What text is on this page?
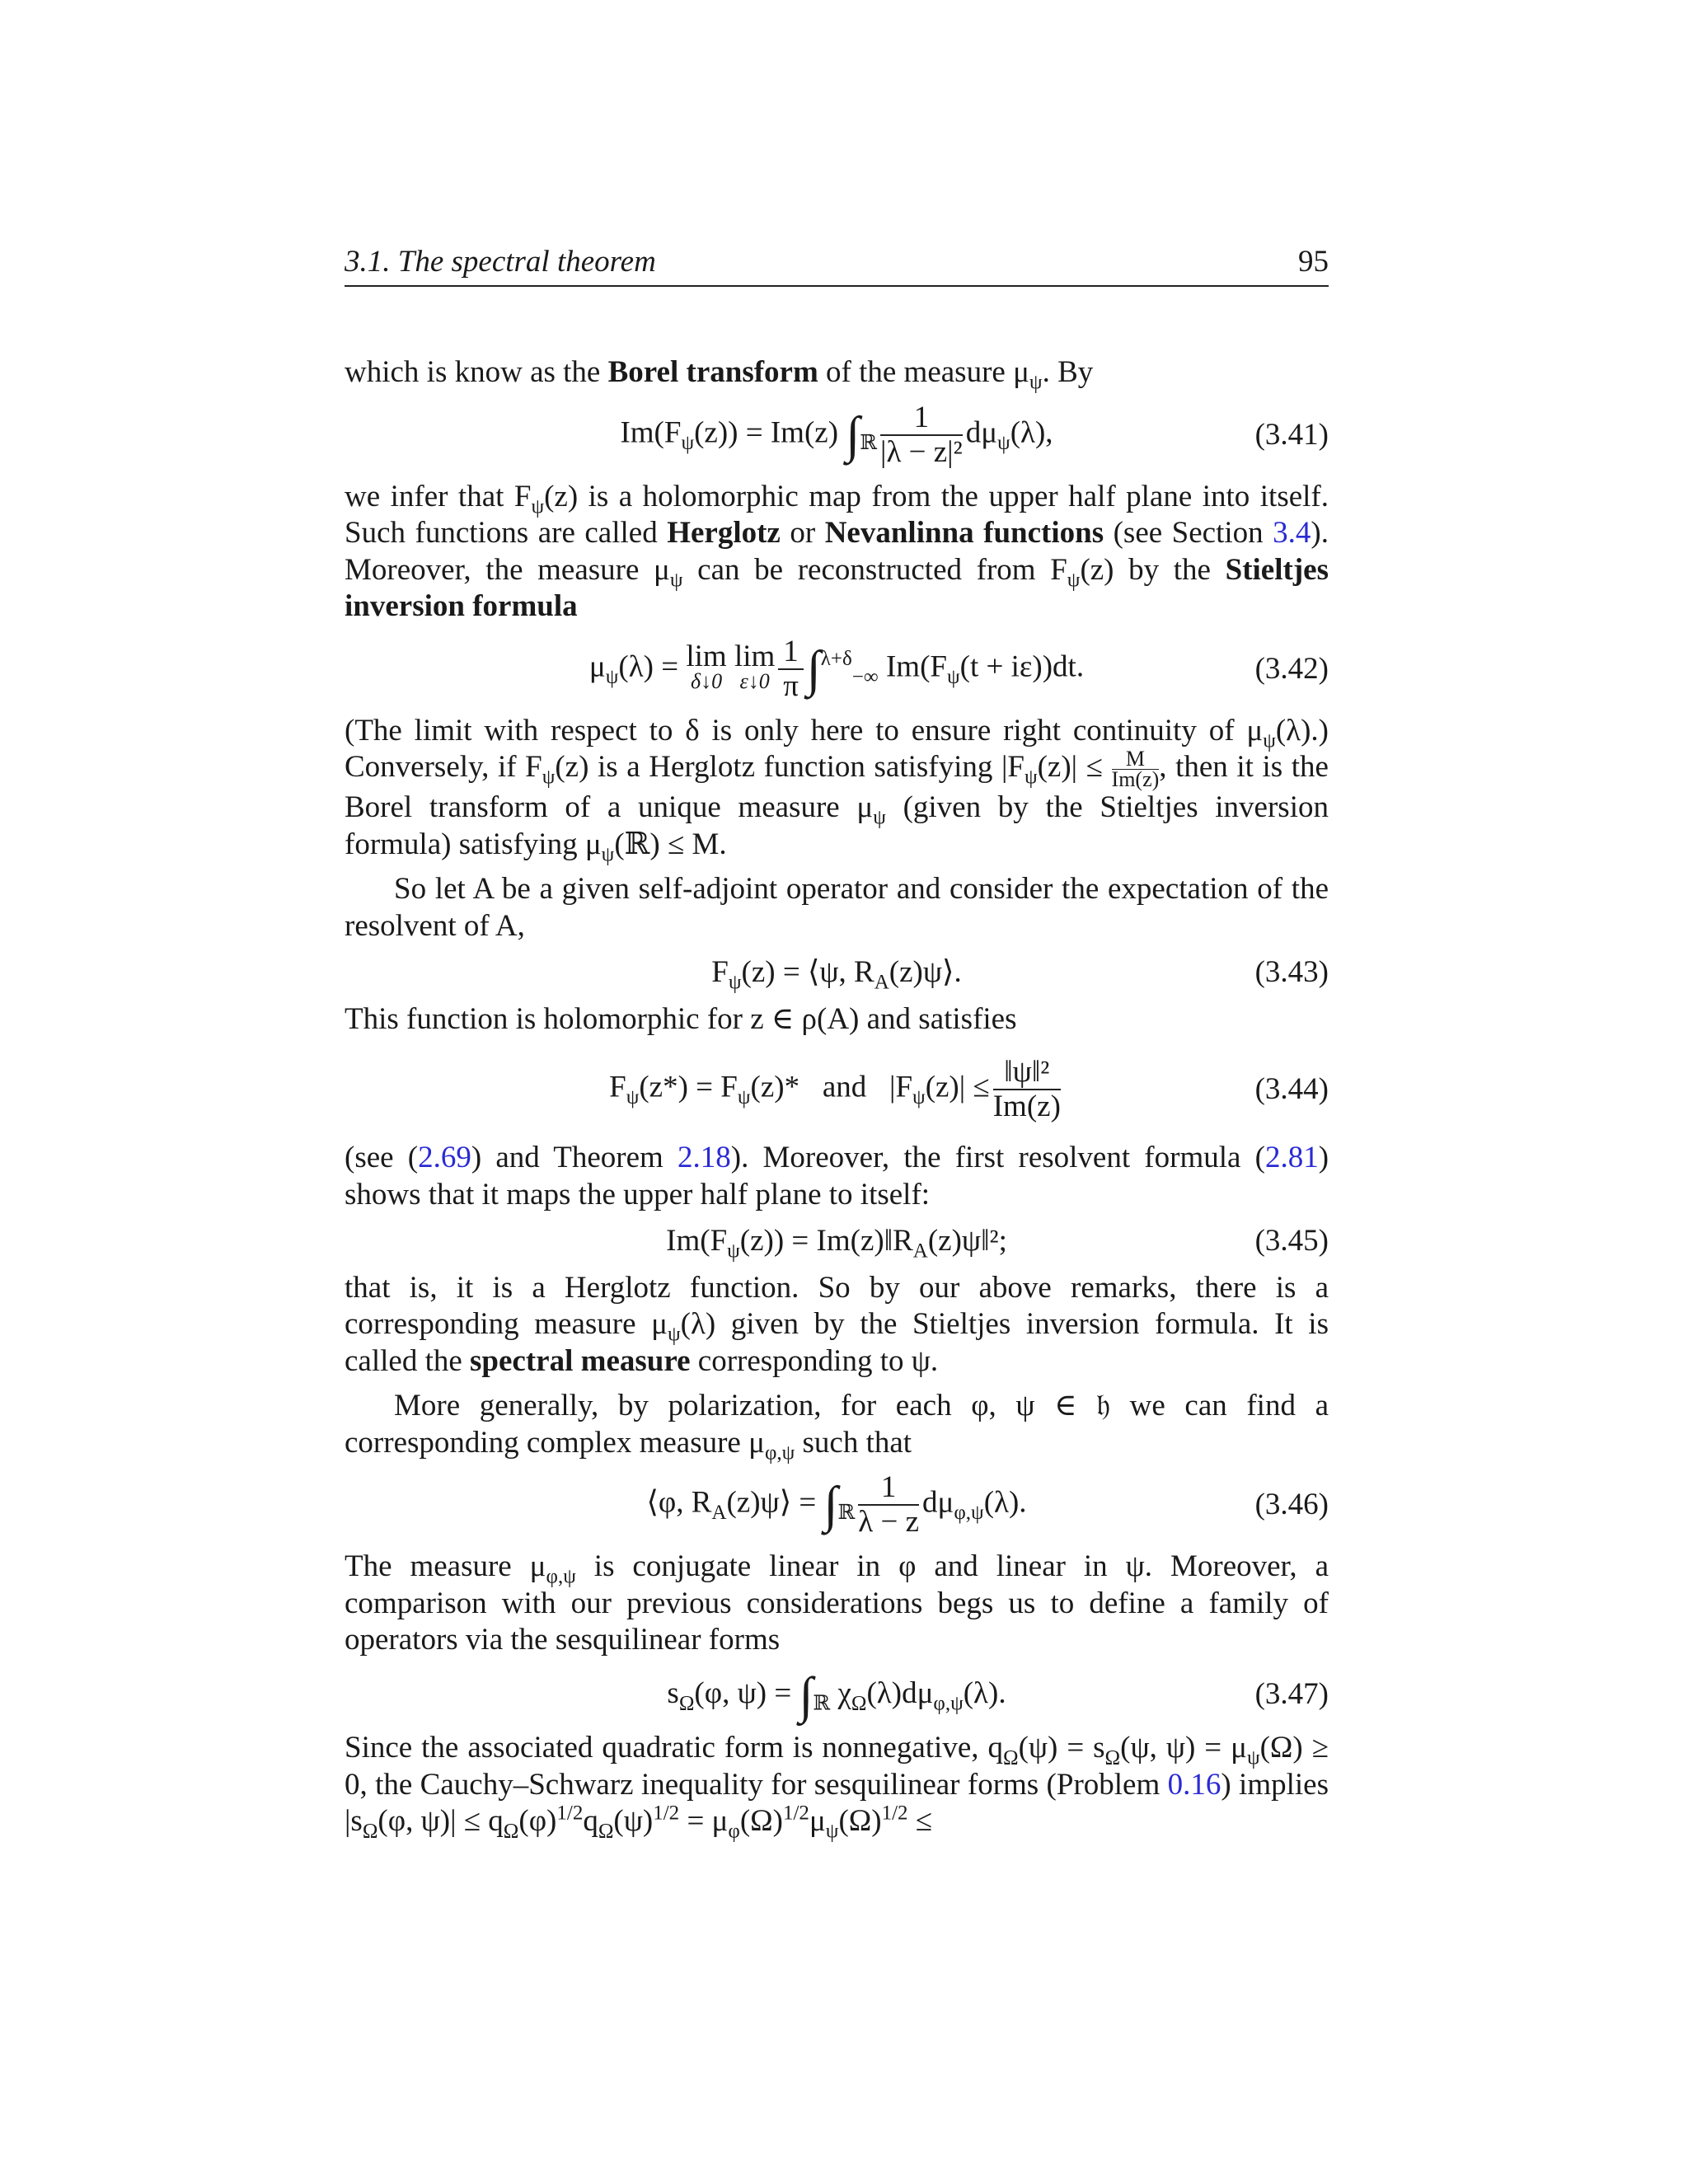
3.1. The spectral theorem	95

which is know as the Borel transform of the measure $\mu_\psi$. By

$Im(F_\psi(z)) = Im(z)$ $\int_ℝ \frac{1}{\text{|λ − z|²}} d\mu_\psi(\lambda)$,	(3.41)

we infer that $F_\psi(z)$ is a holomorphic map from the upper half plane into itself. Such functions are called Herglotz or Nevanlinna functions (see Section 3.4). Moreover, the measure $\mu_\psi$ can be reconstructed from $F_\psi(z)$ by the Stieltjes inversion formula

$\mu_\psi(\lambda) = \lim$
δ↓0
lim
ε↓0 $\frac{1}{\pi} \int^{\lambda+\delta}_{-\infty}$ $Im(F_\psi(t + i\varepsilon))dt$.	(3.42)

(The limit with respect to δ is only here to ensure right continuity of $\mu_\psi(\lambda)$.) Conversely, if $F_\psi(z)$ is a Herglotz function satisfying $|F_\psi(z)| \le \frac{M}{Im(z)}$ , then it is the Borel transform of a unique measure $\mu_\psi$ (given by the Stieltjes inversion formula) satisfying $\mu_\psi(ℝ) \le M$.

So let A be a given self-adjoint operator and consider the expectation of the resolvent of A,

$F_\psi(z)$ = ⟨ψ, $R_A(z)\psi⟩$.	(3.43)

This function is holomorphic for z ∈ ρ(A) and satisfies

$F_\psi(z*) = F_\psi(z)*$ and $|F_\psi(z)| \le \frac{\text{‖ψ‖²}}{Im(z)}$	(3.44)

(see (2.69) and Theorem 2.18). Moreover, the first resolvent formula (2.81) shows that it maps the upper half plane to itself:

$Im(F_\psi(z))$ = $Im(z)‖R_A(z)\psi‖^2$;	(3.45)

that is, it is a Herglotz function. So by our above remarks, there is a corresponding measure $\mu_\psi(\lambda)$ given by the Stieltjes inversion formula. It is called the spectral measure corresponding to ψ.

More generally, by polarization, for each φ, ψ ∈ 𝔥 we can find a corresponding complex measure $\mu_{\varphi,\psi}$ such that

⟨φ, $R_A(z)\psi⟩ = \int_ℝ \frac{1}{\lambda - z} d\mu_{\varphi,\psi}(\lambda)$.	(3.46)

The measure $\mu_{\varphi,\psi}$ is conjugate linear in φ and linear in ψ. Moreover, a comparison with our previous considerations begs us to define a family of operators via the sesquilinear forms

$s_\Omega(\varphi$, $\psi) = \int_ℝ$ $\chi_\Omega(\lambda)d\mu_{\varphi,\psi}(\lambda)$.	(3.47)

Since the associated quadratic form is nonnegative, $q_\Omega(\psi) = s_\Omega(\psi$, $\psi) = \mu_\psi(\Omega) \ge 0$, the Cauchy–Schwarz inequality for sesquilinear forms (Problem 0.16) implies $|s_\Omega(\varphi$, $\psi)| \le q_\Omega(\varphi)^{1/2}q_\Omega(\psi)^{1/2} = \mu_\varphi(\Omega)^{1/2}\mu_\psi(\Omega)^{1/2}$ ≤
